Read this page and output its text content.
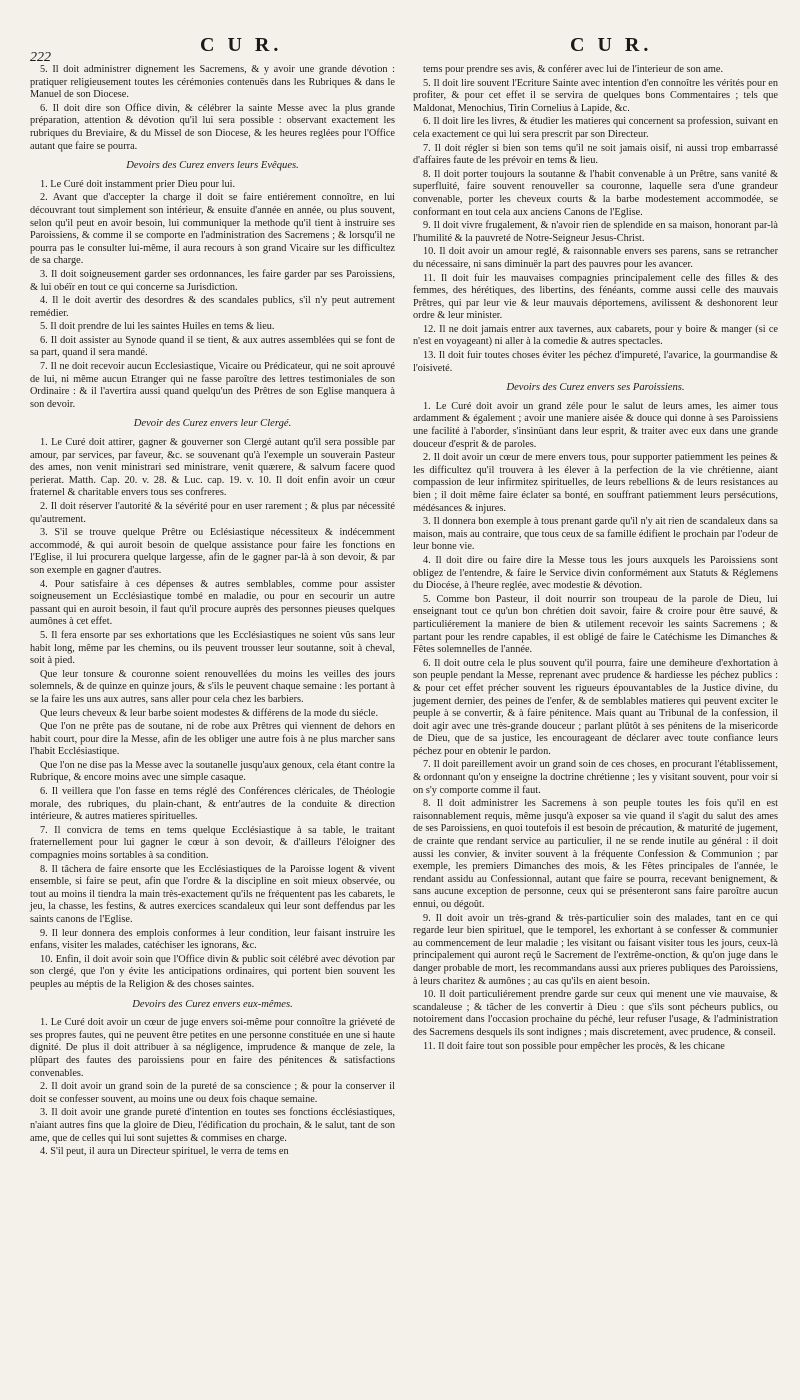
222
C U R.	C U R.

5. Il doit administrer dignement les Sacremens, & y avoir une grande dévotion : pratiquer religieusement toutes les cérémonies contenuës dans les Rubriques & dans le Manuel de son Diocese.

6. Il doit dire son Office divin, & célébrer la sainte Messe avec la plus grande préparation, attention & dévotion qu'il lui sera possible : observant exactement les rubriques du Breviaire, & du Missel de son Diocese, & les heures reglées pour l'Office autant que faire se pourra.

Devoirs des Curez envers leurs Evêques.

1. Le Curé doit instamment prier Dieu pour lui.

2. Avant que d'accepter la charge il doit se faire entiérement connoître, en lui découvrant tout simplement son intérieur, & ensuite d'année en année, ou plus souvent, selon qu'il peut en avoir besoin, lui communiquer la methode qu'il tient à instruire ses Paroissiens, & comme il se comporte en l'administration des Sacremens ; & lorsqu'il ne pourra pas le consulter lui-même, il aura recours à son grand Vicaire sur les difficultez de sa charge.

3. Il doit soigneusement garder ses ordonnances, les faire garder par ses Paroissiens, & lui obéïr en tout ce qui concerne sa Jurisdiction.

4. Il le doit avertir des desordres & des scandales publics, s'il n'y peut autrement remédier.

5. Il doit prendre de lui les saintes Huiles en tems & lieu.

6. Il doit assister au Synode quand il se tient, & aux autres assemblées qui se font de sa part, quand il sera mandé.

7. Il ne doit recevoir aucun Ecclesiastique, Vicaire ou Prédicateur, qui ne soit aprouvé de lui, ni même aucun Etranger qui ne fasse paroître des lettres testimoniales de son Ordinaire : & il l'avertira aussi quand quelqu'un des Prêtres de son Eglise manquera à son devoir.

Devoir des Curez envers leur Clergé.

1. Le Curé doit attirer, gagner & gouverner son Clergé autant qu'il sera possible par amour, par services, par faveur, &c. se souvenant qu'à l'exemple un souverain Pasteur des ames, non venit ministrari sed ministrare, venit quærere, & salvum facere quod perierat. Matth. Cap. 20. v. 28. & Luc. cap. 19. v. 10. Il doit enfin avoir un cœur fraternel & charitable envers tous ses confreres.

2. Il doit réserver l'autorité & la sévérité pour en user rarement ; & plus par nécessité qu'autrement.

3. S'il se trouve quelque Prêtre ou Eclésiastique nécessiteux & indécemment accommodé, & qui auroit besoin de quelque assistance pour faire les fonctions en l'Eglise, il lui procurera quelque largesse, afin de le gagner par-là à son devoir, & par son exemple en gagner d'autres.

4. Pour satisfaire à ces dépenses & autres semblables, comme pour assister soigneusement un Ecclésiastique tombé en maladie, ou pour en secourir un autre passant qui en auroit besoin, il faut qu'il procure auprès des personnes pieuses quelques aumônes à cet effet.

5. Il fera ensorte par ses exhortations que les Ecclésiastiques ne soient vûs sans leur habit long, même par les chemins, ou ils peuvent trousser leur soutanne, soit à cheval, soit à pied.

Que leur tonsure & couronne soient renouvellées du moins les veilles des jours solemnels, & de quinze en quinze jours, & s'ils le peuvent chaque semaine : les portant à se la faire les uns aux autres, sans aller pour cela chez les barbiers.

Que leurs cheveux & leur barbe soient modestes & différens de la mode du siécle.

Que l'on ne prête pas de soutane, ni de robe aux Prêtres qui viennent de dehors en habit court, pour dire la Messe, afin de les obliger une autre fois à ne plus marcher sans l'habit Ecclésiastique.

Que l'on ne dise pas la Messe avec la soutanelle jusqu'aux genoux, cela étant contre la Rubrique, & encore moins avec une simple casaque.

6. Il veillera que l'on fasse en tems réglé des Conférences cléricales, de Théologie morale, des rubriques, du plain-chant, & entr'autres de la conduite & direction intérieure, & autres matieres spirituelles.

7. Il convicra de tems en tems quelque Ecclésiastique à sa table, le traitant fraternellement pour lui gagner le cœur à son devoir, & d'ailleurs l'éloigner des compagnies moins sortables à sa condition.

8. Il tâchera de faire ensorte que les Ecclésiastiques de la Paroisse logent & vivent ensemble, si faire se peut, afin que l'ordre & la discipline en soit mieux observée, ou tout au moins il tiendra la main très-exactement qu'ils ne fréquentent pas les cabarets, le jeu, la chasse, les festins, & autres exercices scandaleux qui leur sont deffendus par les saints canons de l'Eglise.

9. Il leur donnera des emplois conformes à leur condition, leur faisant instruire les enfans, visiter les malades, catéchiser les ignorans, &c.

10. Enfin, il doit avoir soin que l'Office divin & public soit célébré avec dévotion par son clergé, que l'on y évite les anticipations ordinaires, qui portent bien souvent les peuples au méptis de la Religion & des choses saintes.

Devoirs des Curez envers eux-mêmes.

1. Le Curé doit avoir un cœur de juge envers soi-même pour connoître la griéveté de ses propres fautes, qui ne peuvent être petites en une personne constituée en une si haute dignité. De plus il doit attribuer à sa négligence, imprudence & manque de zele, la plûpart des fautes des paroissiens pour en faire des pénitences & satisfactions convenables.

2. Il doit avoir un grand soin de la pureté de sa conscience ; & pour la conserver il doit se confesser souvent, au moins une ou deux fois chaque semaine.

3. Il doit avoir une grande pureté d'intention en toutes ses fonctions écclésiastiques, n'aiant autres fins que la gloire de Dieu, l'édification du prochain, & le salut, tant de son ame, que de celles qui lui sont sujettes & commises en charge.

4. S'il peut, il aura un Directeur spirituel, le verra de tems en

tems pour prendre ses avis, & conférer avec lui de l'interieur de son ame.

5. Il doit lire souvent l'Ecriture Sainte avec intention d'en connoître les vérités pour en profiter, & pour cet effet il se servira de quelques bons Commentaires ; tels que Maldonat, Menochius, Tirin Cornelius à Lapide, &c.

6. Il doit lire les livres, & étudier les matieres qui concernent sa profession, suivant en cela exactement ce qui lui sera prescrit par son Directeur.

7. Il doit régler si bien son tems qu'il ne soit jamais oisif, ni aussi trop embarrassé d'affaires faute de les prévoir en tems & lieu.

8. Il doit porter toujours la soutanne & l'habit convenable à un Prêtre, sans vanité & superfluité, faire souvent renouveller sa couronne, laquelle sera d'une grandeur convenable, porter les cheveux courts & la barbe modestement accommodée, se conformant en tout cela aux anciens Canons de l'Eglise.

9. Il doit vivre frugalement, & n'avoir rien de splendide en sa maison, honorant par-là l'humilité & la pauvreté de Notre-Seigneur Jesus-Christ.

10. Il doit avoir un amour reglé, & raisonnable envers ses parens, sans se retrancher du nécessaire, ni sans diminuër la part des pauvres pour les avancer.

11. Il doit fuir les mauvaises compagnies principalement celle des filles & des femmes, des hérétiques, des libertins, des fénéants, comme aussi celle des mauvais Prêtres, qui par leur vie & leur mauvais déportemens, avilissent & deshonorent leur ordre & leur minister.

12. Il ne doit jamais entrer aux tavernes, aux cabarets, pour y boire & manger (si ce n'est en voyageant) ni aller à la comedie & autres spectacles.

13. Il doit fuir toutes choses éviter les péchez d'impureté, l'avarice, la gourmandise & l'oisiveté.

Devoirs des Curez envers ses Paroissiens.

1. Le Curé doit avoir un grand zéle pour le salut de leurs ames, les aimer tous ardamment & également ; avoir une maniere aisée & douce qui donne à ses Paroissiens une facilité à l'aborder, s'insinüant dans leur esprit, & traiter avec eux dans une grande douceur d'esprit & de paroles.

2. Il doit avoir un cœur de mere envers tous, pour supporter patiemment les peines & les difficultez qu'il trouvera à les élever à la perfection de la vie chrétienne, aiant compassion de leur infirmitez spirituelles, de leurs rebellions & de leurs resistances au bien ; il doit même faire éclater sa bonté, en souffrant patiemment leurs persécutions, médésances & injures.

3. Il donnera bon exemple à tous prenant garde qu'il n'y ait rien de scandaleux dans sa maison, mais au contraire, que tous ceux de sa famille édifient le prochain par l'odeur de leur bonne vie.

4. Il doit dire ou faire dire la Messe tous les jours auxquels les Paroissiens sont obligez de l'entendre, & faire le Service divin conformément aux Statuts & Réglemens du Diocése, à l'heure reglée, avec modestie & dévotion.

5. Comme bon Pasteur, il doit nourrir son troupeau de la parole de Dieu, lui enseignant tout ce qu'un bon chrétien doit savoir, faire & croire pour être sauvé, & particuliérement la maniere de bien & utilement recevoir les saints Sacremens ; & partant pour les rendre capables, il est obligé de faire le Catéchisme les Dimanches & Fêtes solemnelles de l'année.

6. Il doit outre cela le plus souvent qu'il pourra, faire une demiheure d'exhortation à son peuple pendant la Messe, reprenant avec prudence & hardiesse les péchez publics : & pour cet effet précher souvent les rigueurs épouvantables de la Justice divine, du jugement dernier, des peines de l'enfer, & de semblables matieres qui peuvent exciter le peuple à se convertir, & à faire pénitence. Mais quant au Tribunal de la confession, il doit agir avec une très-grande douceur ; parlant plûtôt à ses pénitens de la misericorde de Dieu, que de sa justice, les encourageant de déclarer avec toute confiance leurs péchez pour en obtenir le pardon.

7. Il doit pareillement avoir un grand soin de ces choses, en procurant l'établissement, & ordonnant qu'on y enseigne la doctrine chrétienne ; les y visitant souvent, pour voir si on s'y comporte comme il faut.

8. Il doit administrer les Sacremens à son peuple toutes les fois qu'il en est raisonnablement requis, même jusqu'à exposer sa vie quand il s'agit du salut des ames de ses Paroissiens, en quoi toutefois il est besoin de précaution, & maturité de jugement, de crainte que rendant service au particulier, il ne se rende inutile au général : il doit aussi les convier, & inviter souvent à la fréquente Confession & Communion ; par exemple, les premiers Dimanches des mois, & les Fêtes principales de l'année, le rendant assidu au Confessionnal, autant que faire se pourra, recevant benignement, & sans aucune exception de personne, ceux qui se présenteront sans faire paroître aucun ennui, ou dégoût.

9. Il doit avoir un très-grand & très-particulier soin des malades, tant en ce qui regarde leur bien spirituel, que le temporel, les exhortant à se confesser & communier au commencement de leur maladie ; les visitant ou faisant visiter tous les jours, ceux-là principalement qui auront reçû le Sacrement de l'extrême-onction, & qu'on juge dans le danger probable de mort, les recommandans aussi aux prieres publiques des Paroissiens, à leurs charitez & aumônes ; au cas qu'ils en aient besoin.

10. Il doit particuliérement prendre garde sur ceux qui menent une vie mauvaise, & scandaleuse ; & tâcher de les convertir à Dieu : que s'ils sont pécheurs publics, ou notoirement dans l'occasion prochaine du péché, leur refuser l'usage, & l'administration des Sacremens desquels ils sont indignes ; mais discretement, avec prudence, & conseil.

11. Il doit faire tout son possible pour empêcher les procès, & les chicane
